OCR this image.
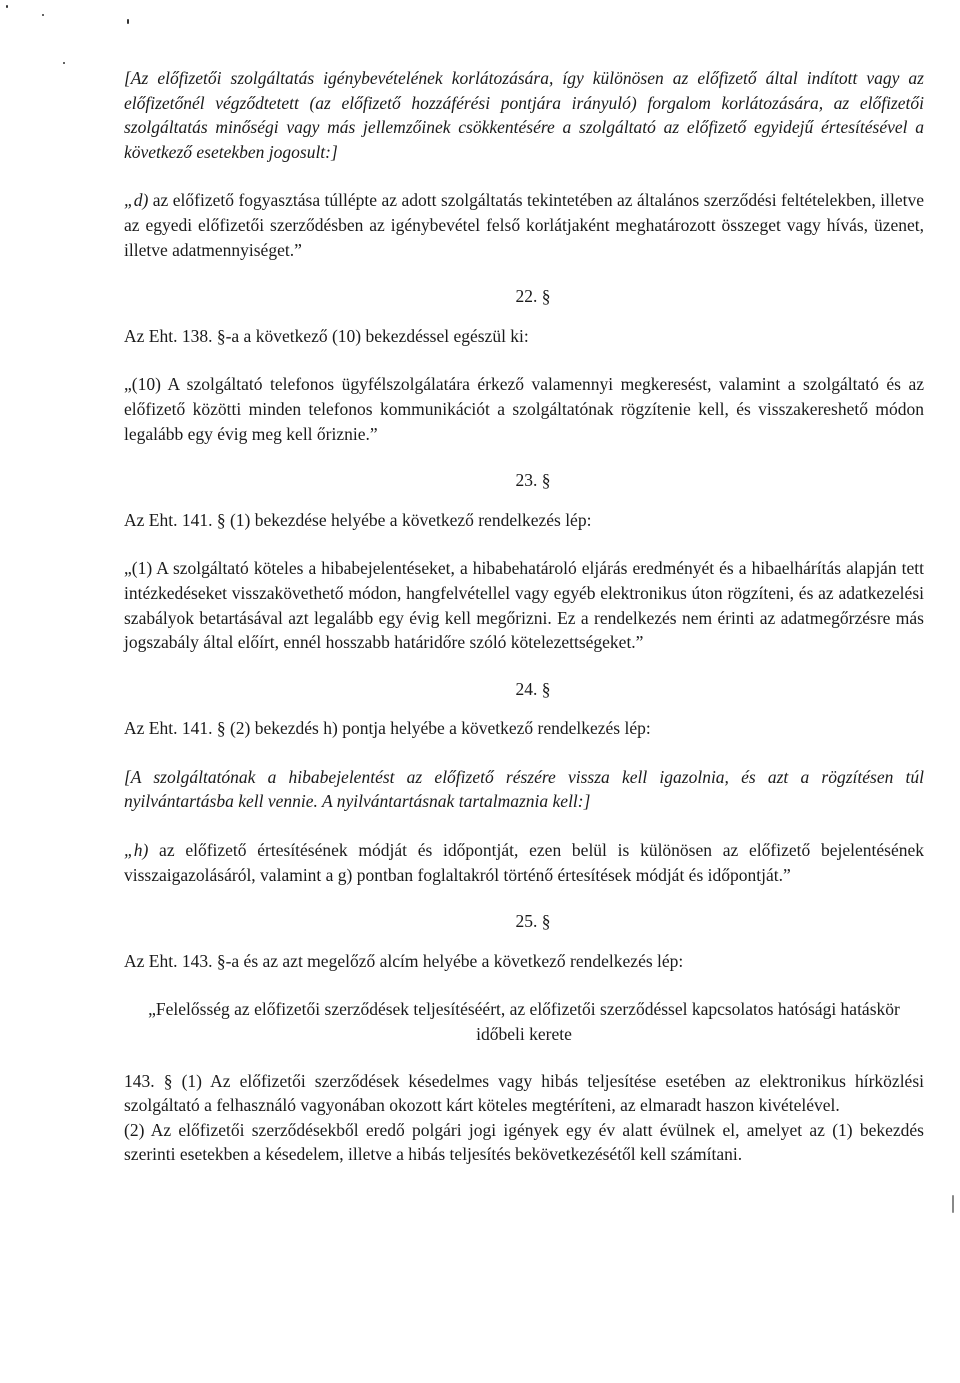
[Az előfizetői szolgáltatás igénybevételének korlátozására, így különösen az előfizető által indított vagy az előfizetőnél végződtetett (az előfizető hozzáférési pontjára irányuló) forgalom korlátozására, az előfizetői szolgáltatás minőségi vagy más jellemzőinek csökkentésére a szolgáltató az előfizető egyidejű értesítésével a következő esetekben jogosult:]

„d) az előfizető fogyasztása túllépte az adott szolgáltatás tekintetében az általános szerződési feltételekben, illetve az egyedi előfizetői szerződésben az igénybevétel felső korlátjaként meghatározott összeget vagy hívás, üzenet, illetve adatmennyiséget.”

22. §

Az Eht. 138. §-a a következő (10) bekezdéssel egészül ki:

„(10) A szolgáltató telefonos ügyfélszolgálatára érkező valamennyi megkeresést, valamint a szolgáltató és az előfizető közötti minden telefonos kommunikációt a szolgáltatónak rögzítenie kell, és visszakereshető módon legalább egy évig meg kell őriznie.”

23. §

Az Eht. 141. § (1) bekezdése helyébe a következő rendelkezés lép:

„(1) A szolgáltató köteles a hibabejelentéseket, a hibabehatároló eljárás eredményét és a hibaelhárítás alapján tett intézkedéseket visszakövethető módon, hangfelvétellel vagy egyéb elektronikus úton rögzíteni, és az adatkezelési szabályok betartásával azt legalább egy évig kell megőrizni. Ez a rendelkezés nem érinti az adatmegőrzésre más jogszabály által előírt, ennél hosszabb határidőre szóló kötelezettségeket.”

24. §

Az Eht. 141. § (2) bekezdés h) pontja helyébe a következő rendelkezés lép:

[A szolgáltatónak a hibabejelentést az előfizető részére vissza kell igazolnia, és azt a rögzítésen túl nyilvántartásba kell vennie. A nyilvántartásnak tartalmaznia kell:]

„h) az előfizető értesítésének módját és időpontját, ezen belül is különösen az előfizető bejelentésének visszaigazolásáról, valamint a g) pontban foglaltakról történő értesítések módját és időpontját.”

25. §

Az Eht. 143. §-a és az azt megelőző alcím helyébe a következő rendelkezés lép:

„Felelősség az előfizetői szerződések teljesítéséért, az előfizetői szerződéssel kapcsolatos hatósági hatáskör időbeli kerete

143. § (1) Az előfizetői szerződések késedelmes vagy hibás teljesítése esetében az elektronikus hírközlési szolgáltató a felhasználó vagyonában okozott kárt köteles megtéríteni, az elmaradt haszon kivételével.

(2) Az előfizetői szerződésekből eredő polgári jogi igények egy év alatt évülnek el, amelyet az (1) bekezdés szerinti esetekben a késedelem, illetve a hibás teljesítés bekövetkezésétől kell számítani.
